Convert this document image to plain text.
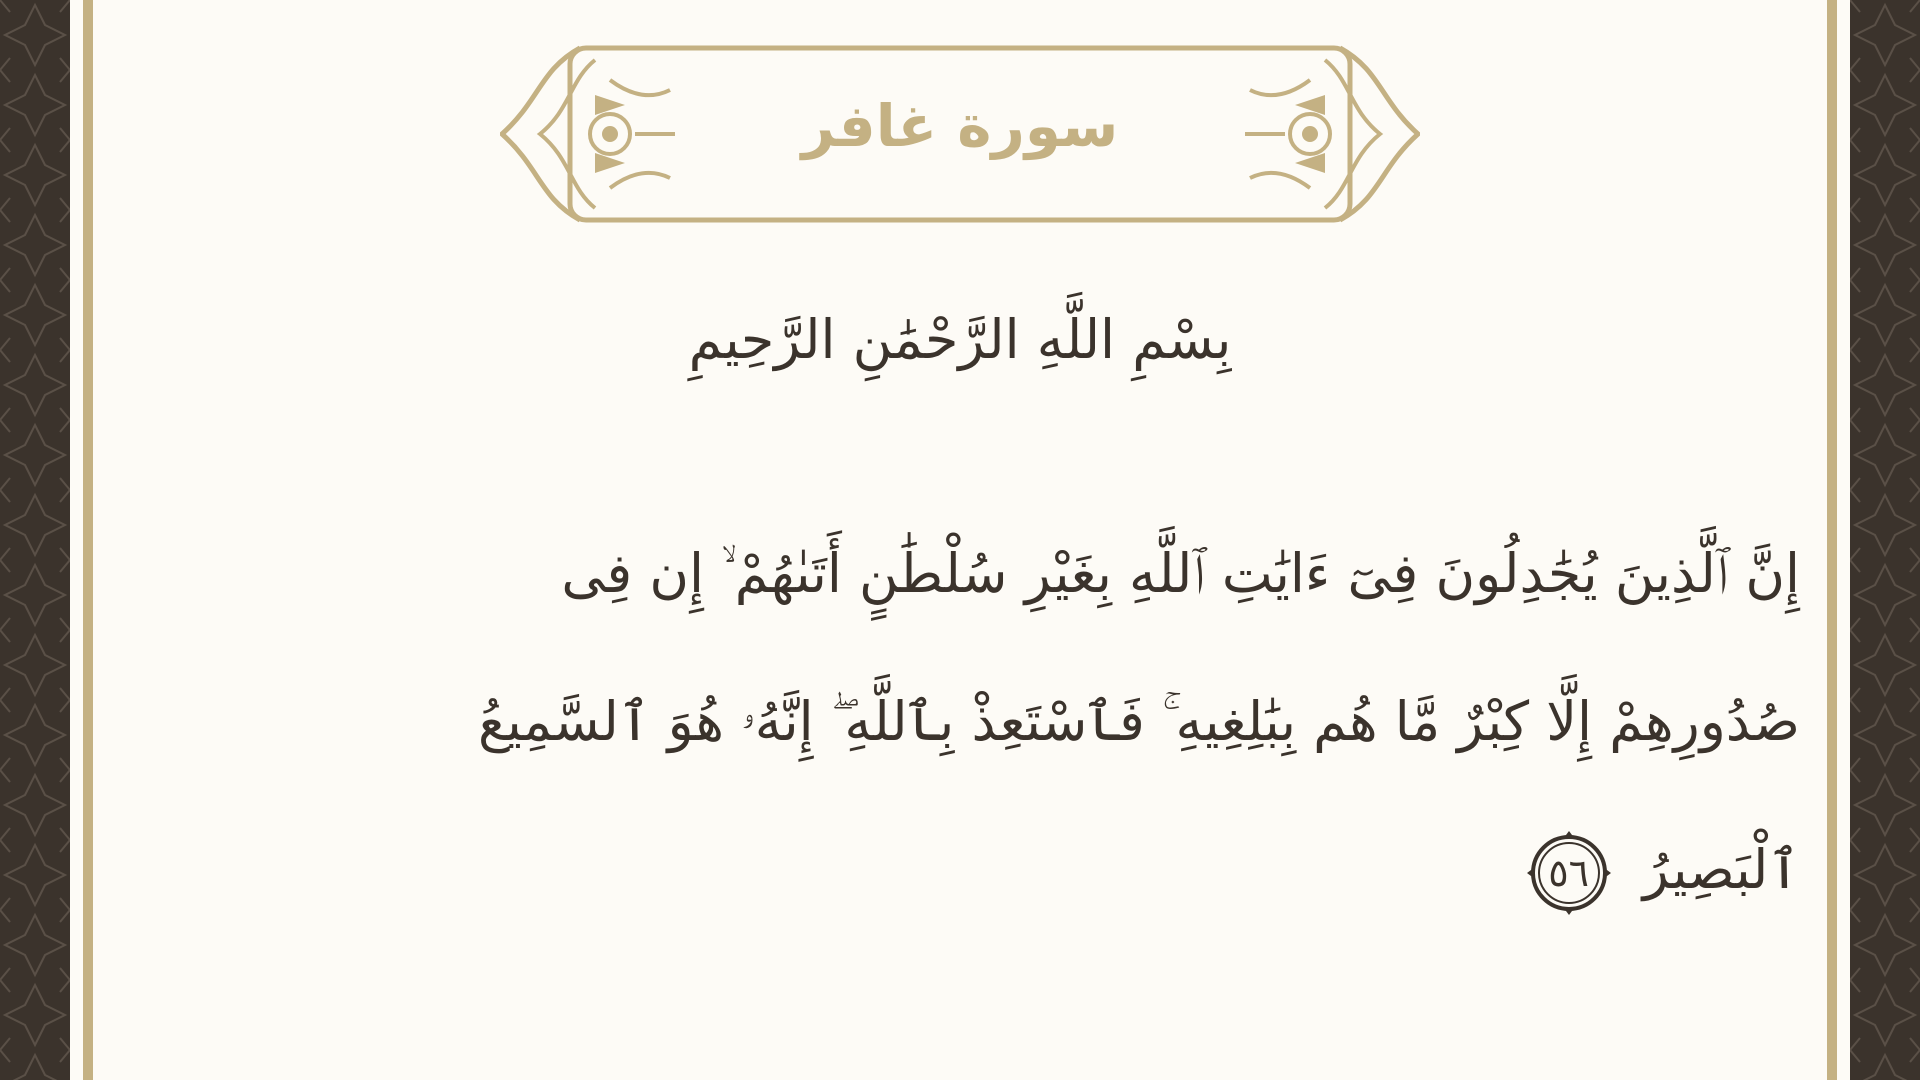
سورة غافر
بِسْمِ اللَّهِ الرَّحْمَٰنِ الرَّحِيمِ
إِنَّ ٱلَّذِينَ يُجَٰدِلُونَ فِىٓ ءَايَٰتِ ٱللَّهِ بِغَيْرِ سُلْطَٰنٍ أَتَىٰهُمْ ۙ إِن فِى
صُدُورِهِمْ إِلَّا كِبْرٌ مَّا هُم بِبَٰلِغِيهِ ۚ فَٱسْتَعِذْ بِٱللَّهِ ۖ إِنَّهُۥ هُوَ ٱلسَّمِيعُ
ٱلْبَصِيرُ
٥٦
